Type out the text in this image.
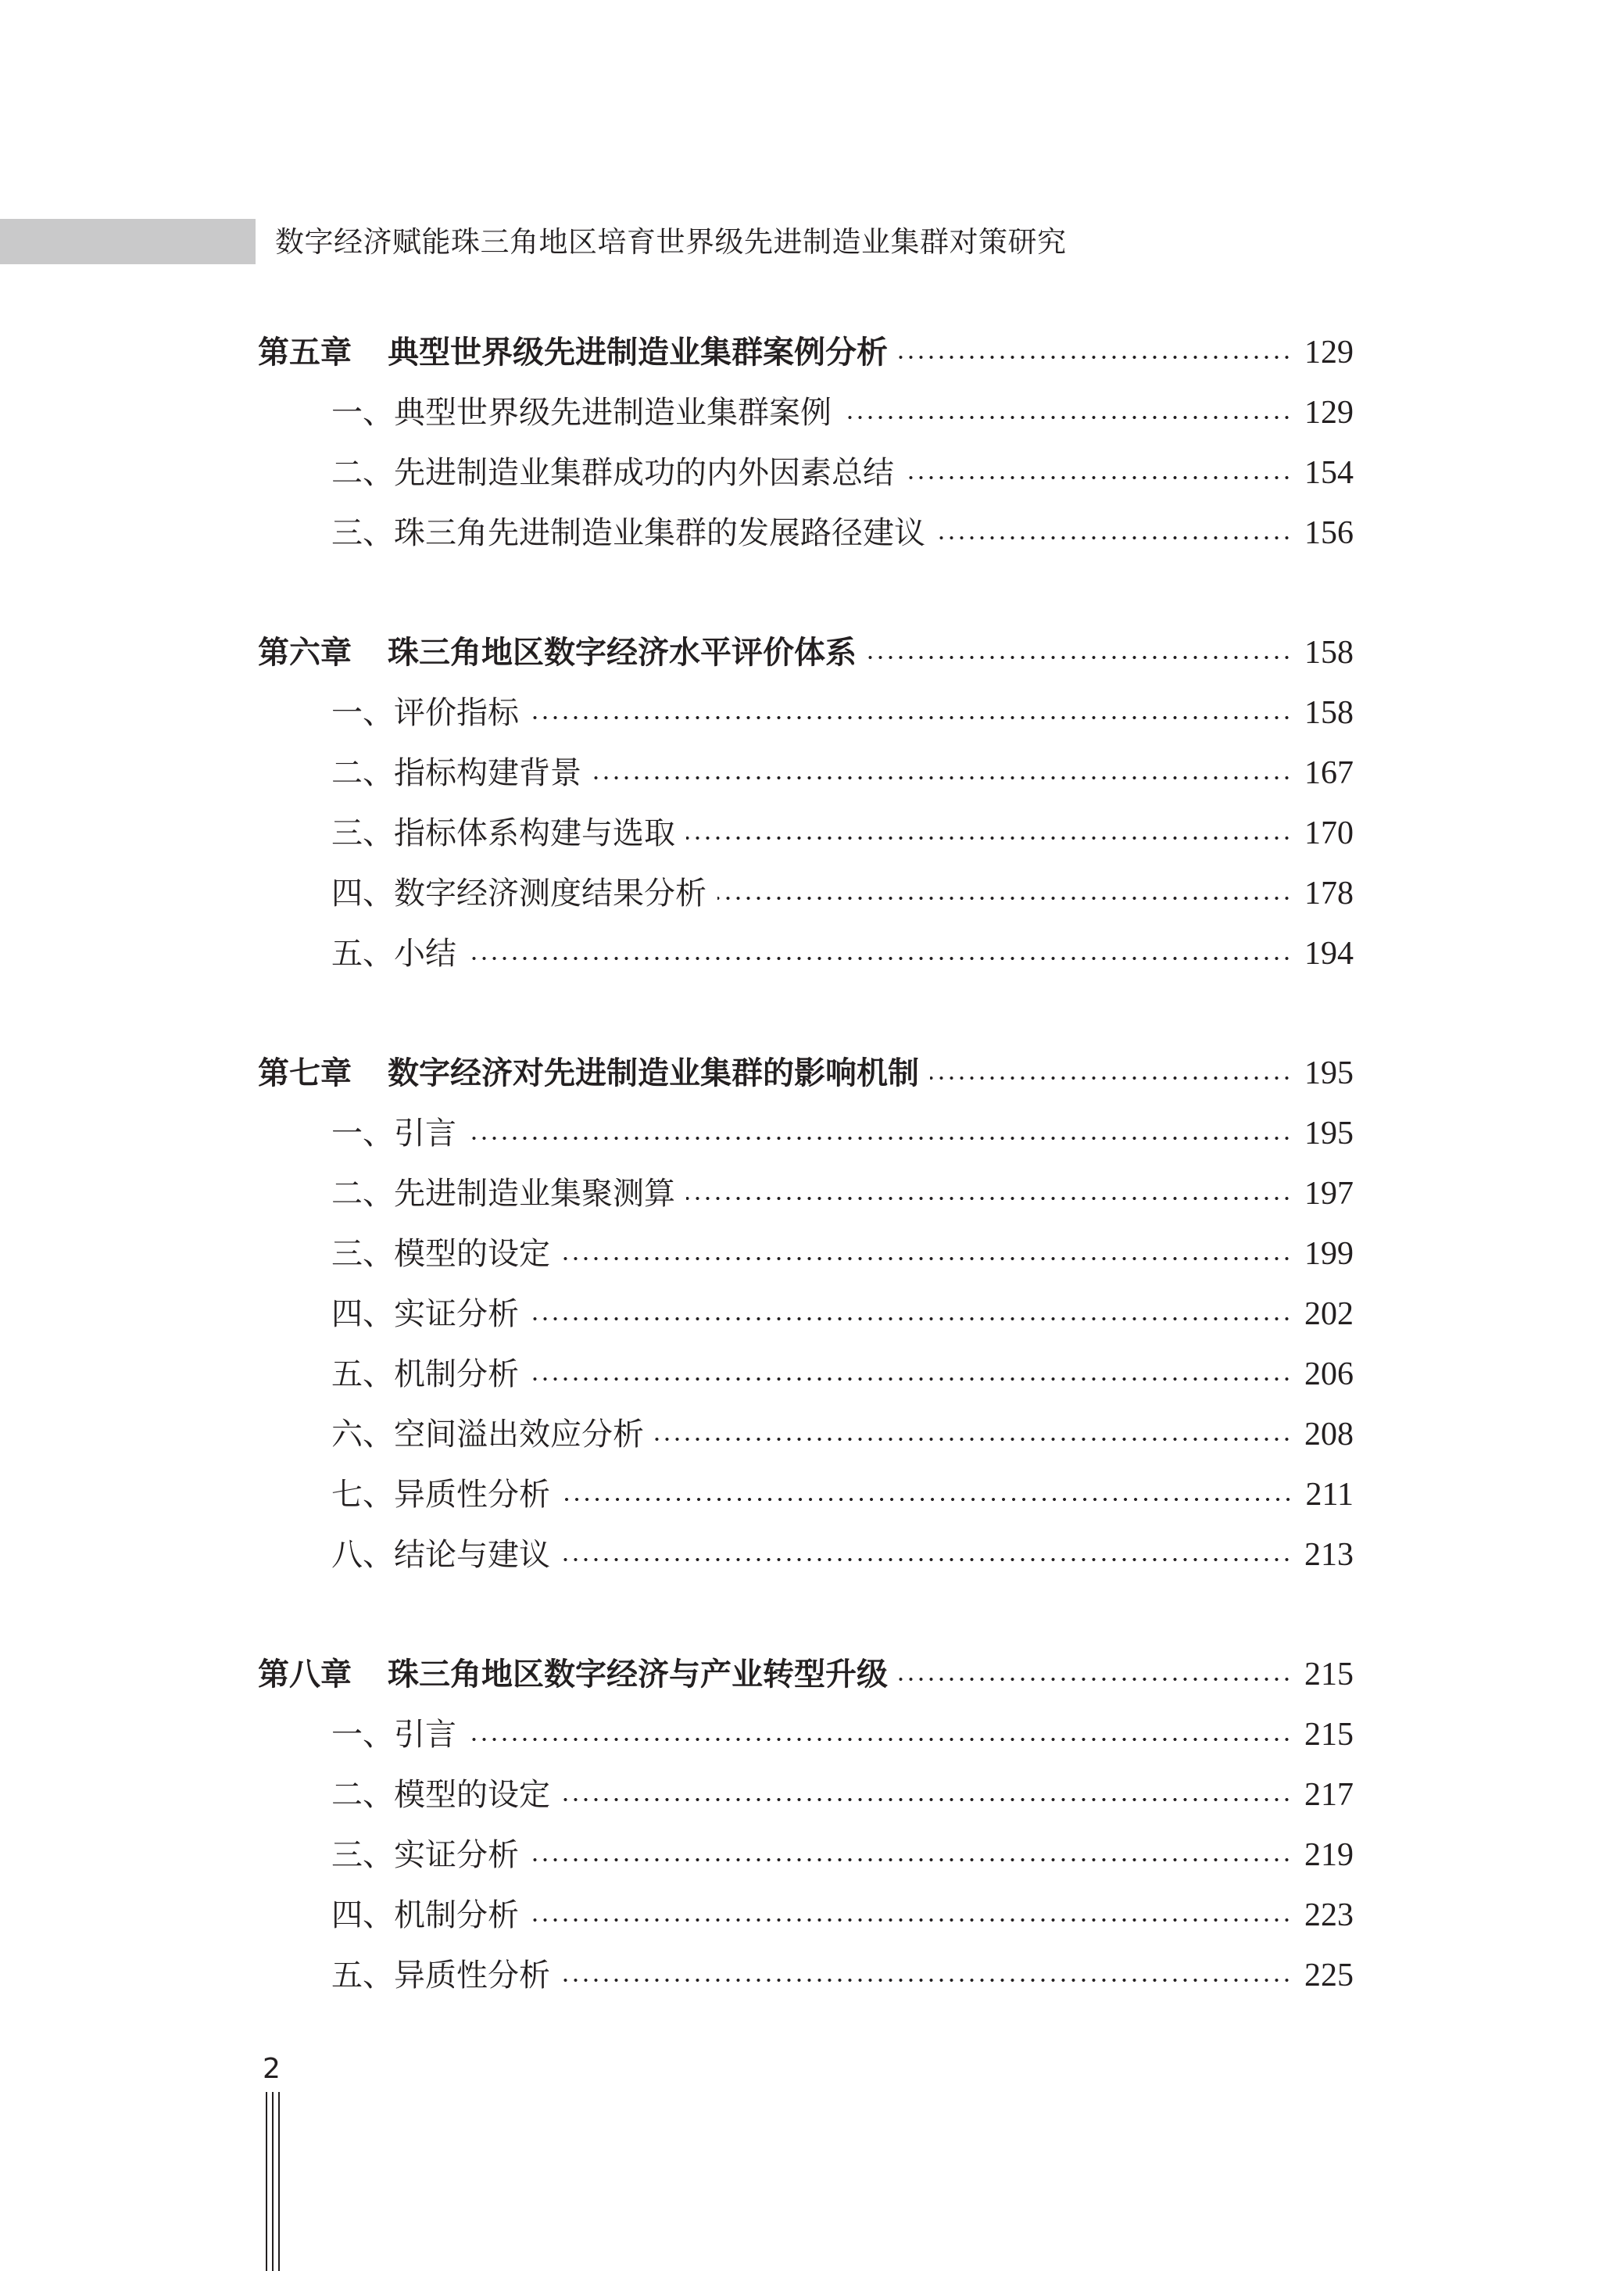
数字经济赋能珠三角地区培育世界级先进制造业集群对策研究
第五章	典型世界级先进制造业集群案例分析	129
一、典型世界级先进制造业集群案例	129
二、先进制造业集群成功的内外因素总结	154
三、珠三角先进制造业集群的发展路径建议	156
第六章	珠三角地区数字经济水平评价体系	158
一、评价指标	158
二、指标构建背景	167
三、指标体系构建与选取	170
四、数字经济测度结果分析	178
五、小结	194
第七章	数字经济对先进制造业集群的影响机制	195
一、引言	195
二、先进制造业集聚测算	197
三、模型的设定	199
四、实证分析	202
五、机制分析	206
六、空间溢出效应分析	208
七、异质性分析	211
八、结论与建议	213
第八章	珠三角地区数字经济与产业转型升级	215
一、引言	215
二、模型的设定	217
三、实证分析	219
四、机制分析	223
五、异质性分析	225
2
